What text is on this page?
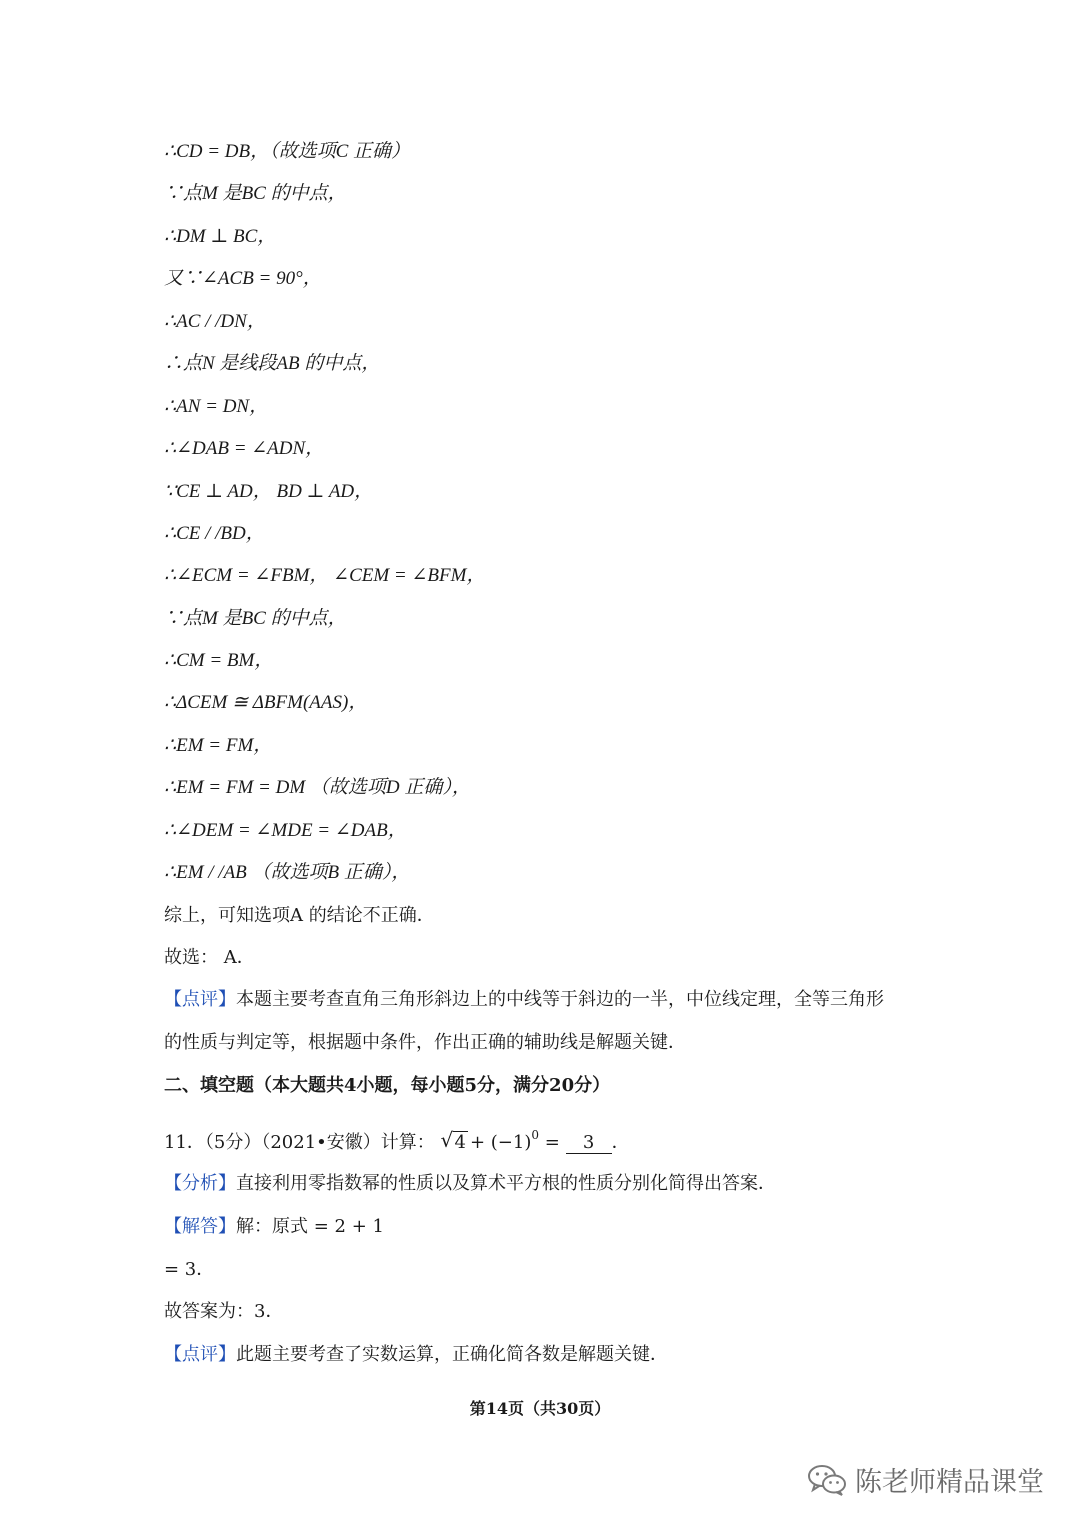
∴CD = DB，（故选项C 正确）
∵点M 是BC 的中点，
∴DM ⊥ BC，
又∵∠ACB = 90°，
∴AC / /DN，
∴点N 是线段AB 的中点，
∴AN = DN，
∴∠DAB = ∠ADN，
∵CE ⊥ AD， BD ⊥ AD，
∴CE / /BD，
∴∠ECM = ∠FBM， ∠CEM = ∠BFM，
∵点M 是BC 的中点，
∴CM = BM，
∴ΔCEM ≅ ΔBFM(AAS)，
∴EM = FM，
∴EM = FM = DM （故选项D 正确），
∴∠DEM = ∠MDE = ∠DAB，
∴EM / /AB （故选项B 正确），
综上，可知选项A 的结论不正确．
故选： A．
【点评】本题主要考查直角三角形斜边上的中线等于斜边的一半，中位线定理，全等三角形
的性质与判定等，根据题中条件，作出正确的辅助线是解题关键．
二、填空题（本大题共4小题，每小题5分，满分20分）
11．（5分）（2021•安徽）计算： √ $4 + (-1)^0 = 3$ ．
【分析】直接利用零指数幂的性质以及算术平方根的性质分别化简得出答案．
【解答】解：原式 = 2 + 1
= 3．
故答案为：3．
【点评】此题主要考查了实数运算，正确化简各数是解题关键．
第14页（共30页）
陈老师精品课堂
